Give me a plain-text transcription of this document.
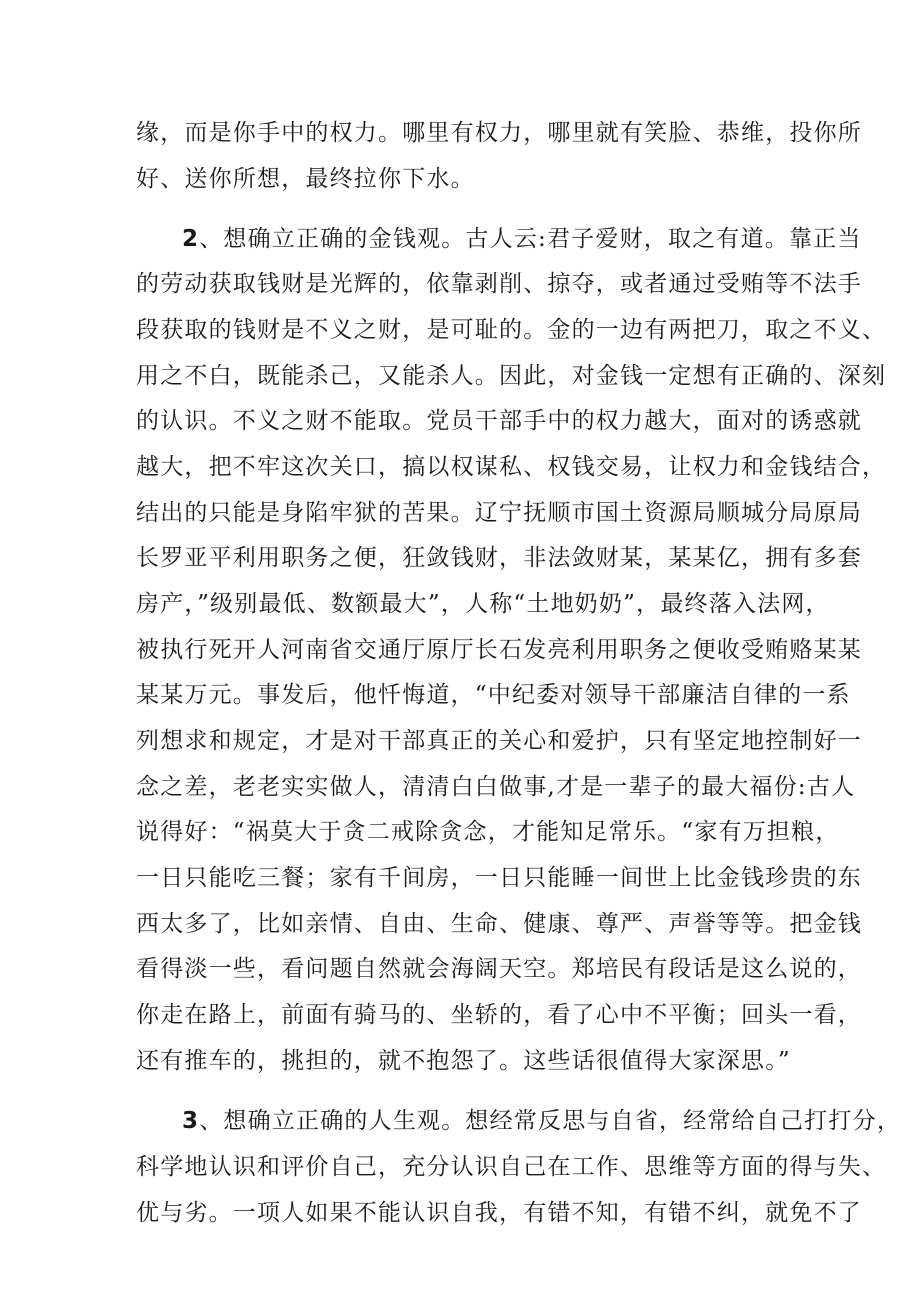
缘，而是你手中的权力。哪里有权力，哪里就有笑脸、恭维，投你所
好、送你所想，最终拉你下水。
2、想确立正确的金钱观。古人云:君子爱财，取之有道。靠正当
的劳动获取钱财是光辉的，依靠剥削、掠夺，或者通过受贿等不法手
段获取的钱财是不义之财，是可耻的。金的一边有两把刀，取之不义、
用之不白，既能杀己，又能杀人。因此，对金钱一定想有正确的、深刻
的认识。不义之财不能取。党员干部手中的权力越大，面对的诱惑就
越大，把不牢这次关口，搞以权谋私、权钱交易，让权力和金钱结合，
结出的只能是身陷牢狱的苦果。辽宁抚顺市国土资源局顺城分局原局
长罗亚平利用职务之便，狂敛钱财，非法敛财某，某某亿，拥有多套
房产，”级别最低、数额最大”，人称“土地奶奶”，最终落入法网，
被执行死开人河南省交通厅原厅长石发亮利用职务之便收受贿赂某某
某某万元。事发后，他忏悔道，“中纪委对领导干部廉洁自律的一系
列想求和规定，才是对干部真正的关心和爱护，只有坚定地控制好一
念之差，老老实实做人，清清白白做事,才是一辈子的最大福份:古人
说得好：“祸莫大于贪二戒除贪念，才能知足常乐。“家有万担粮，
一日只能吃三餐；家有千间房，一日只能睡一间世上比金钱珍贵的东
西太多了，比如亲情、自由、生命、健康、尊严、声誉等等。把金钱
看得淡一些，看问题自然就会海阔天空。郑培民有段话是这么说的，
你走在路上，前面有骑马的、坐轿的，看了心中不平衡；回头一看，
还有推车的，挑担的，就不抱怨了。这些话很值得大家深思。”
3、想确立正确的人生观。想经常反思与自省，经常给自己打打分，
科学地认识和评价自己，充分认识自己在工作、思维等方面的得与失、
优与劣。一项人如果不能认识自我，有错不知，有错不纠，就免不了
